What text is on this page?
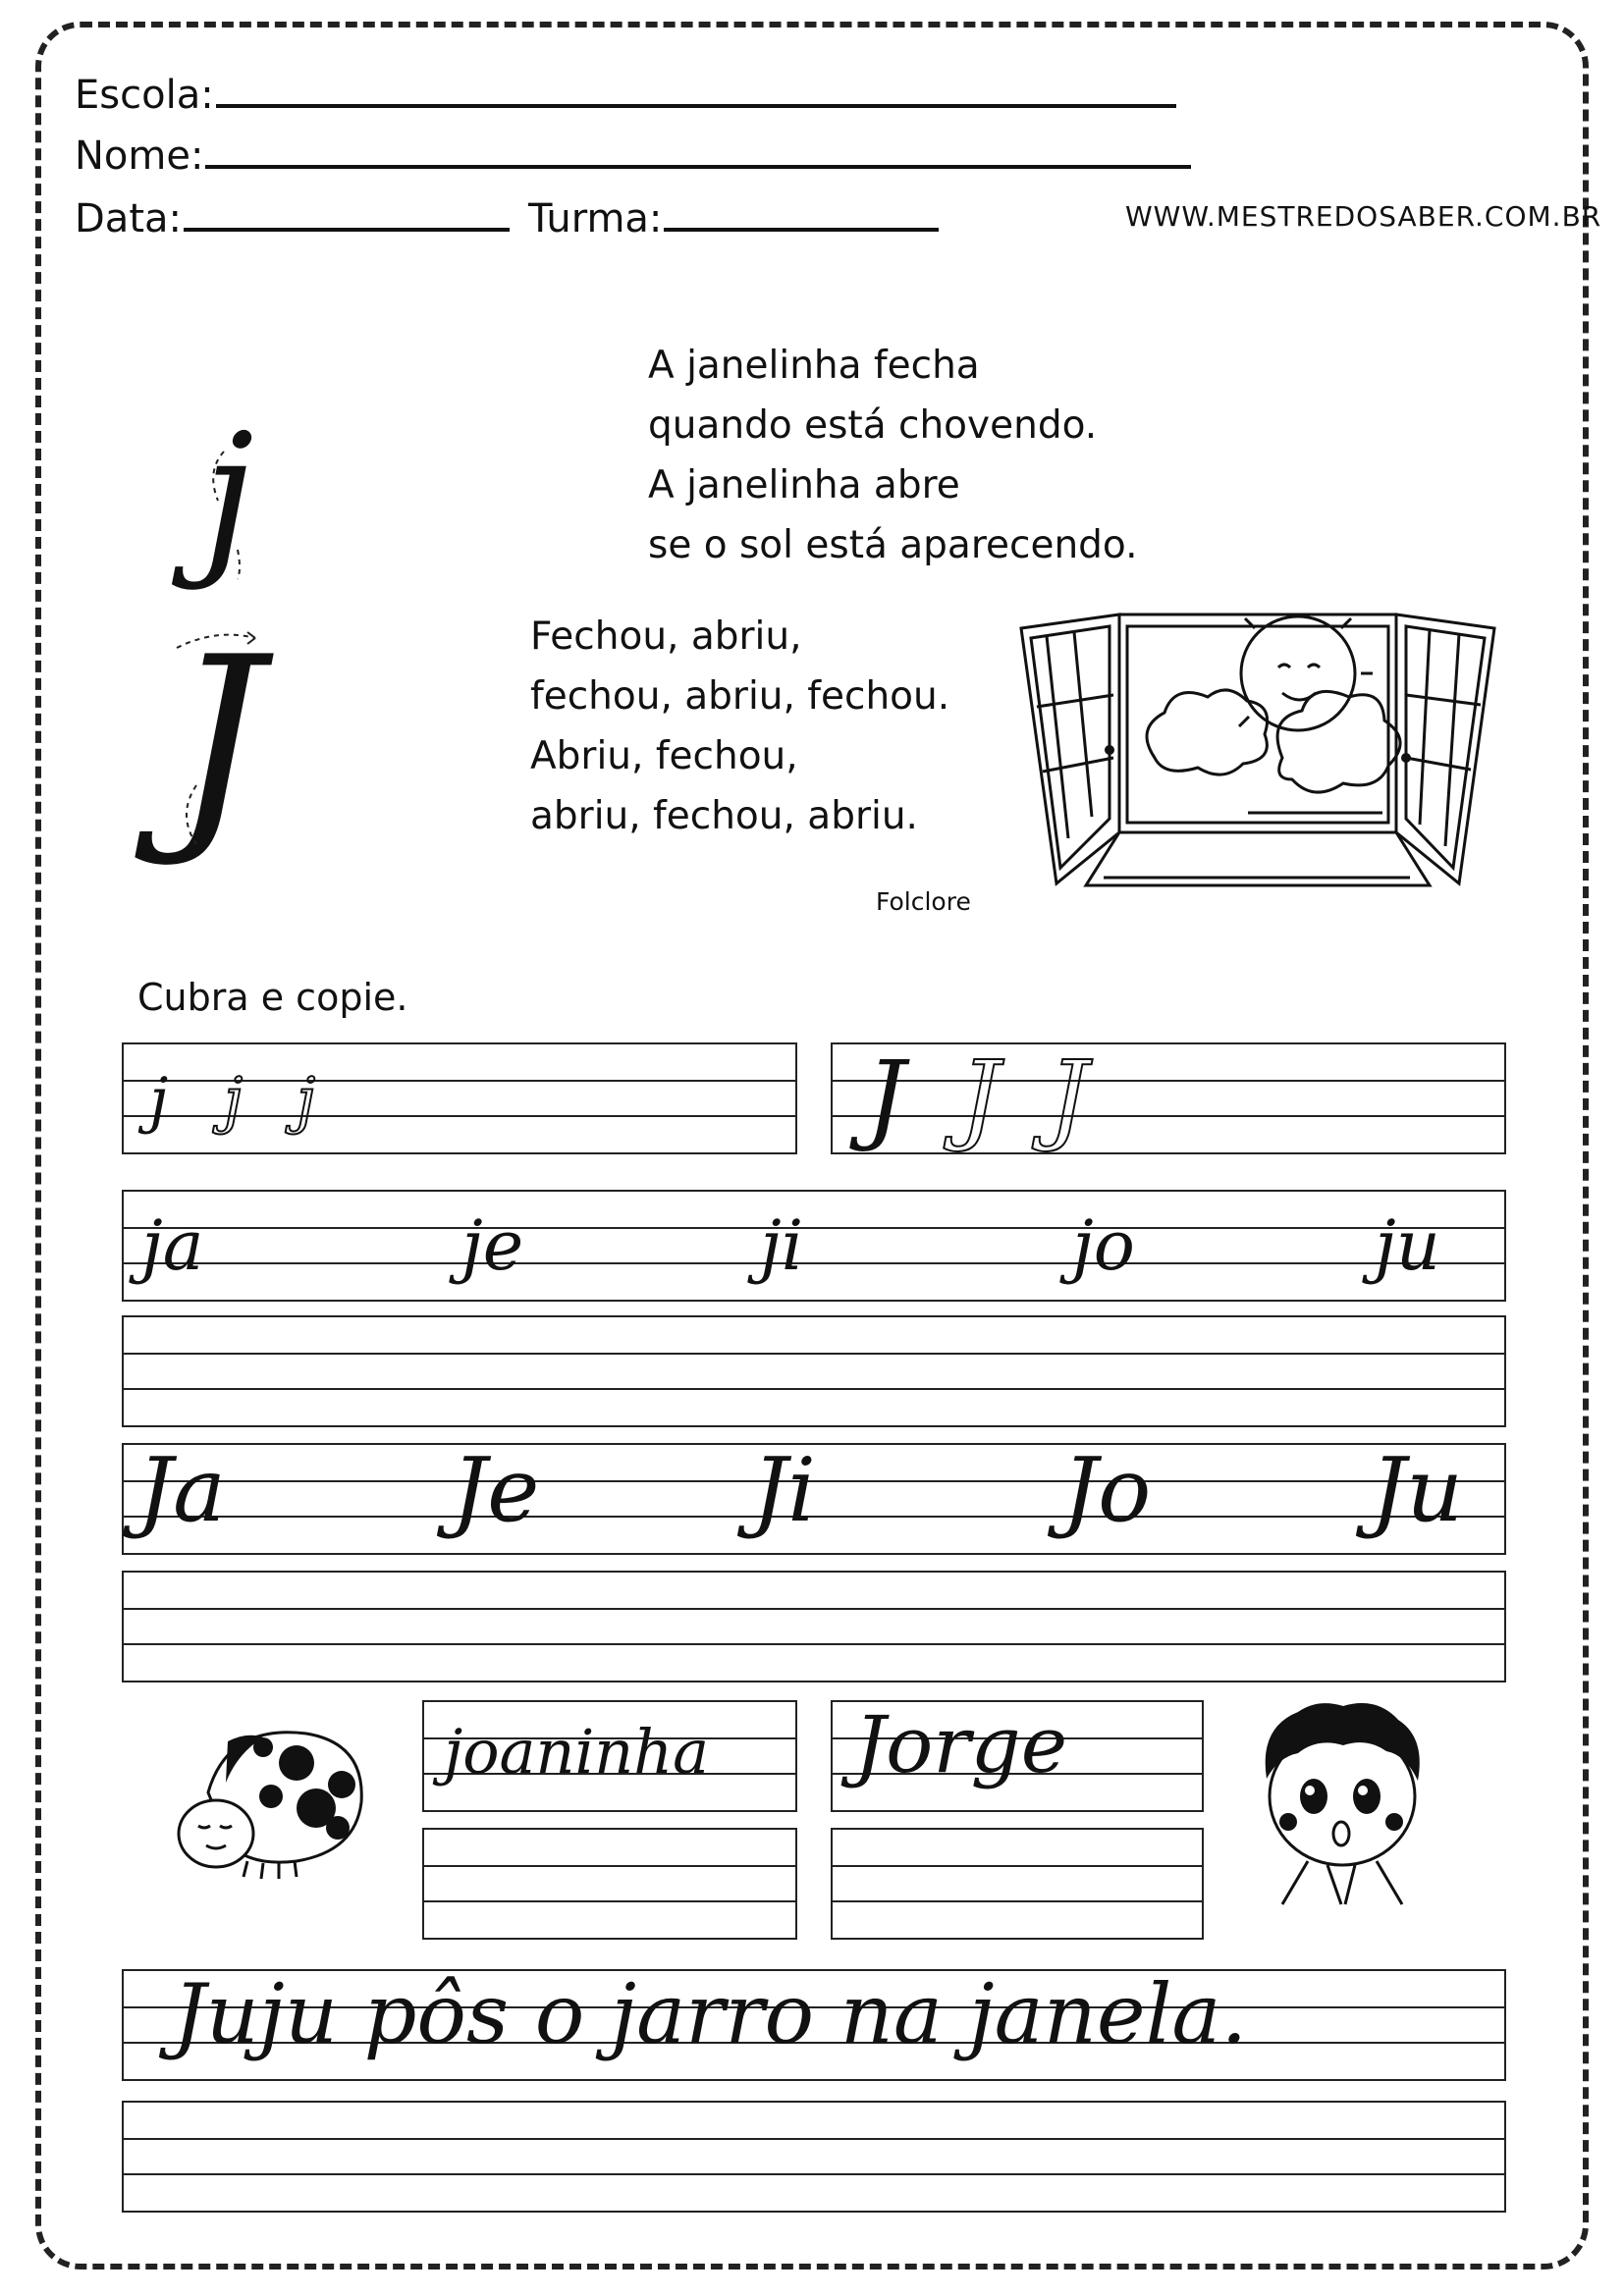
Escola:
Nome:
Data:	Turma:	WWW.MESTREDOSABER.COM.BR
j
J
A janelinha fecha
quando está chovendo.
A janelinha abre
se o sol está aparecendo.
Fechou, abriu,
fechou, abriu, fechou.
Abriu, fechou,
abriu, fechou, abriu.
Folclore
Cubra e copie.
j j j	J J J
ja	je	ji	jo	ju
Ja	Je Ji	Jo Ju
joaninha Jorge
Juju pôs o jarro na janela.
